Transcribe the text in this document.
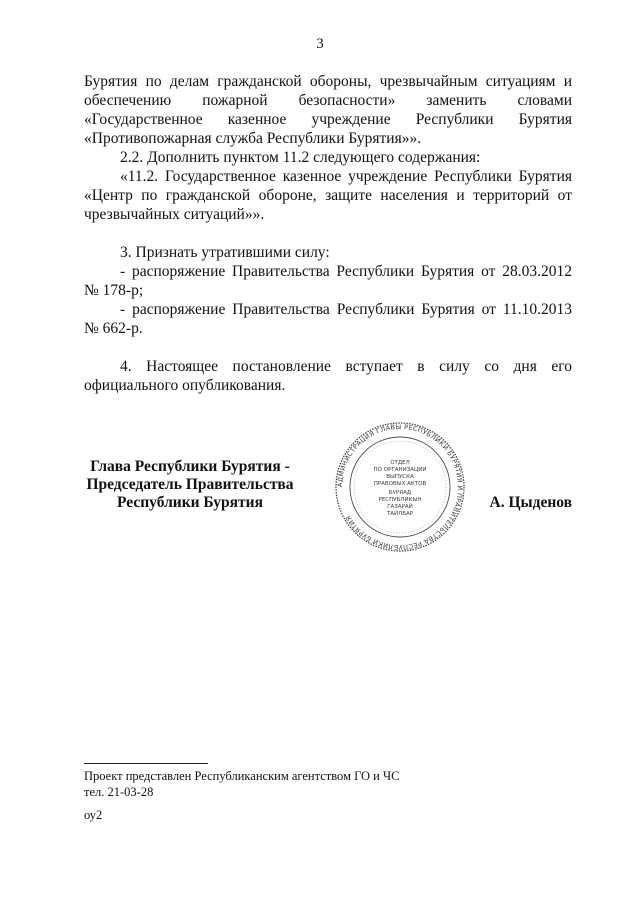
3

Бурятия по делам гражданской обороны, чрезвычайным ситуациям и обеспечению пожарной безопасности» заменить словами «Государственное казенное учреждение Республики Бурятия «Противопожарная служба Республики Бурятия»».

2.2. Дополнить пунктом 11.2 следующего содержания:

«11.2. Государственное казенное учреждение Республики Бурятия «Центр по гражданской обороне, защите населения и территорий от чрезвычайных ситуаций»».

3. Признать утратившими силу:

- распоряжение Правительства Республики Бурятия от 28.03.2012 № 178-р;

- распоряжение Правительства Республики Бурятия от 11.10.2013 № 662-р.

4. Настоящее постановление вступает в силу со дня его официального опубликования.

Глава Республики Бурятия -
Председатель Правительства
Республики Бурятия
АДМИНИСТРАЦИЯ ГЛАВЫ РЕСПУБЛИКИ БУРЯТИЯ И ПРАВИТЕЛЬСТВА РЕСПУБЛИКИ БУРЯТИЯ
ОТДЕЛ
ПО ОРГАНИЗАЦИИ
ВЫПУСКА
ПРАВОВЫХ АКТОВ
БУРЯАД
РЕСПУБЛИКЫН
ГАЗАРАЙ
ТАЙЛБАР
А. Цыденов
Проект представлен Республиканским агентством ГО и ЧС
тел. 21-03-28
оу2
